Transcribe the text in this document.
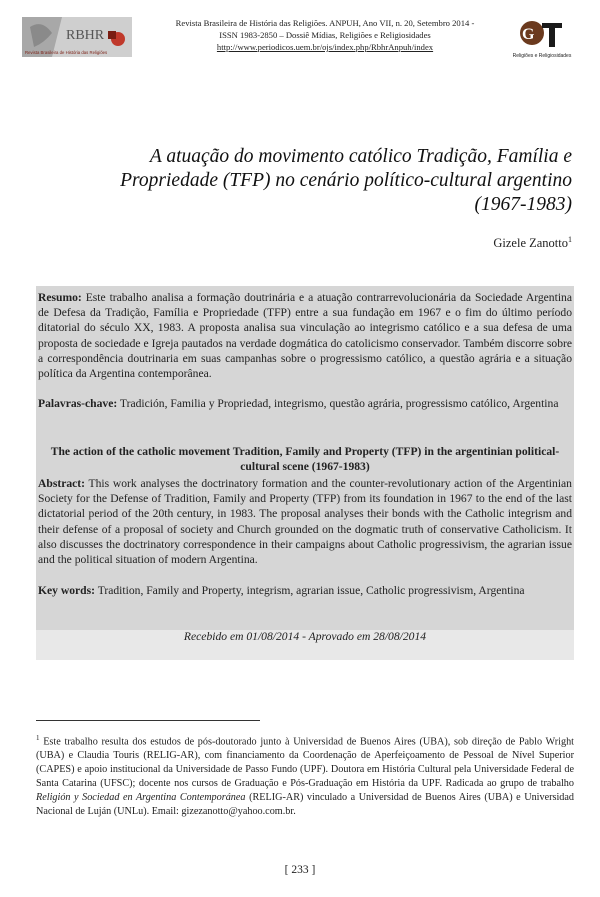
RBHR
Revista Brasileira de História das Religiões
Revista Brasileira de História das Religiões. ANPUH, Ano VII, n. 20, Setembro 2014 -
ISSN 1983-2850 – Dossiê Mídias, Religiões e Religiosidades
http://www.periodicos.uem.br/ojs/index.php/RbhrAnpuh/index
G
Religiões e Religiosidades
A atuação do movimento católico Tradição, Família e Propriedade (TFP) no cenário político-cultural argentino (1967-1983)
Gizele Zanotto$^1$

Resumo: Este trabalho analisa a formação doutrinária e a atuação contrarrevolucionária da Sociedade Argentina de Defesa da Tradição, Família e Propriedade (TFP) entre a sua fundação em 1967 e o fim do último período ditatorial do século XX, 1983. A proposta analisa sua vinculação ao integrismo católico e a sua defesa de uma proposta de sociedade e Igreja pautados na verdade dogmática do catolicismo conservador. Também discorre sobre a correspondência doutrinaria em suas campanhas sobre o progressismo católico, a questão agrária e a situação política da Argentina contemporânea.

Palavras-chave: Tradición, Familia y Propriedad, integrismo, questão agrária, progressismo católico, Argentina

The action of the catholic movement Tradition, Family and Property (TFP) in the argentinian political-cultural scene (1967-1983)

Abstract: This work analyses the doctrinatory formation and the counter-revolutionary action of the Argentinian Society for the Defense of Tradition, Family and Property (TFP) from its foundation in 1967 to the end of the last dictatorial period of the 20th century, in 1983. The proposal analyses their bonds with the Catholic integrism and their defense of a proposal of society and Church grounded on the dogmatic truth of conservative Catholicism. It also discusses the doctrinatory correspondence in their campaigns about Catholic progressivism, the agrarian issue and the political situation of modern Argentina.

Key words: Tradition, Family and Property, integrism, agrarian issue, Catholic progressivism, Argentina

Recebido em 01/08/2014 - Aprovado em 28/08/2014

$^1$ Este trabalho resulta dos estudos de pós-doutorado junto à Universidad de Buenos Aires (UBA), sob direção de Pablo Wright (UBA) e Claudia Touris (RELIG-AR), com financiamento da Coordenação de Aperfeiçoamento de Pessoal de Nível Superior (CAPES) e apoio institucional da Universidade de Passo Fundo (UPF). Doutora em História Cultural pela Universidade Federal de Santa Catarina (UFSC); docente nos cursos de Graduação e Pós-Graduação em História da UPF. Radicada ao grupo de trabalho Religión y Sociedad en Argentina Contemporánea (RELIG-AR) vinculado a Universidad de Buenos Aires (UBA) e Universidad Nacional de Luján (UNLu). Email: gizezanotto@yahoo.com.br.

[ 233 ]
